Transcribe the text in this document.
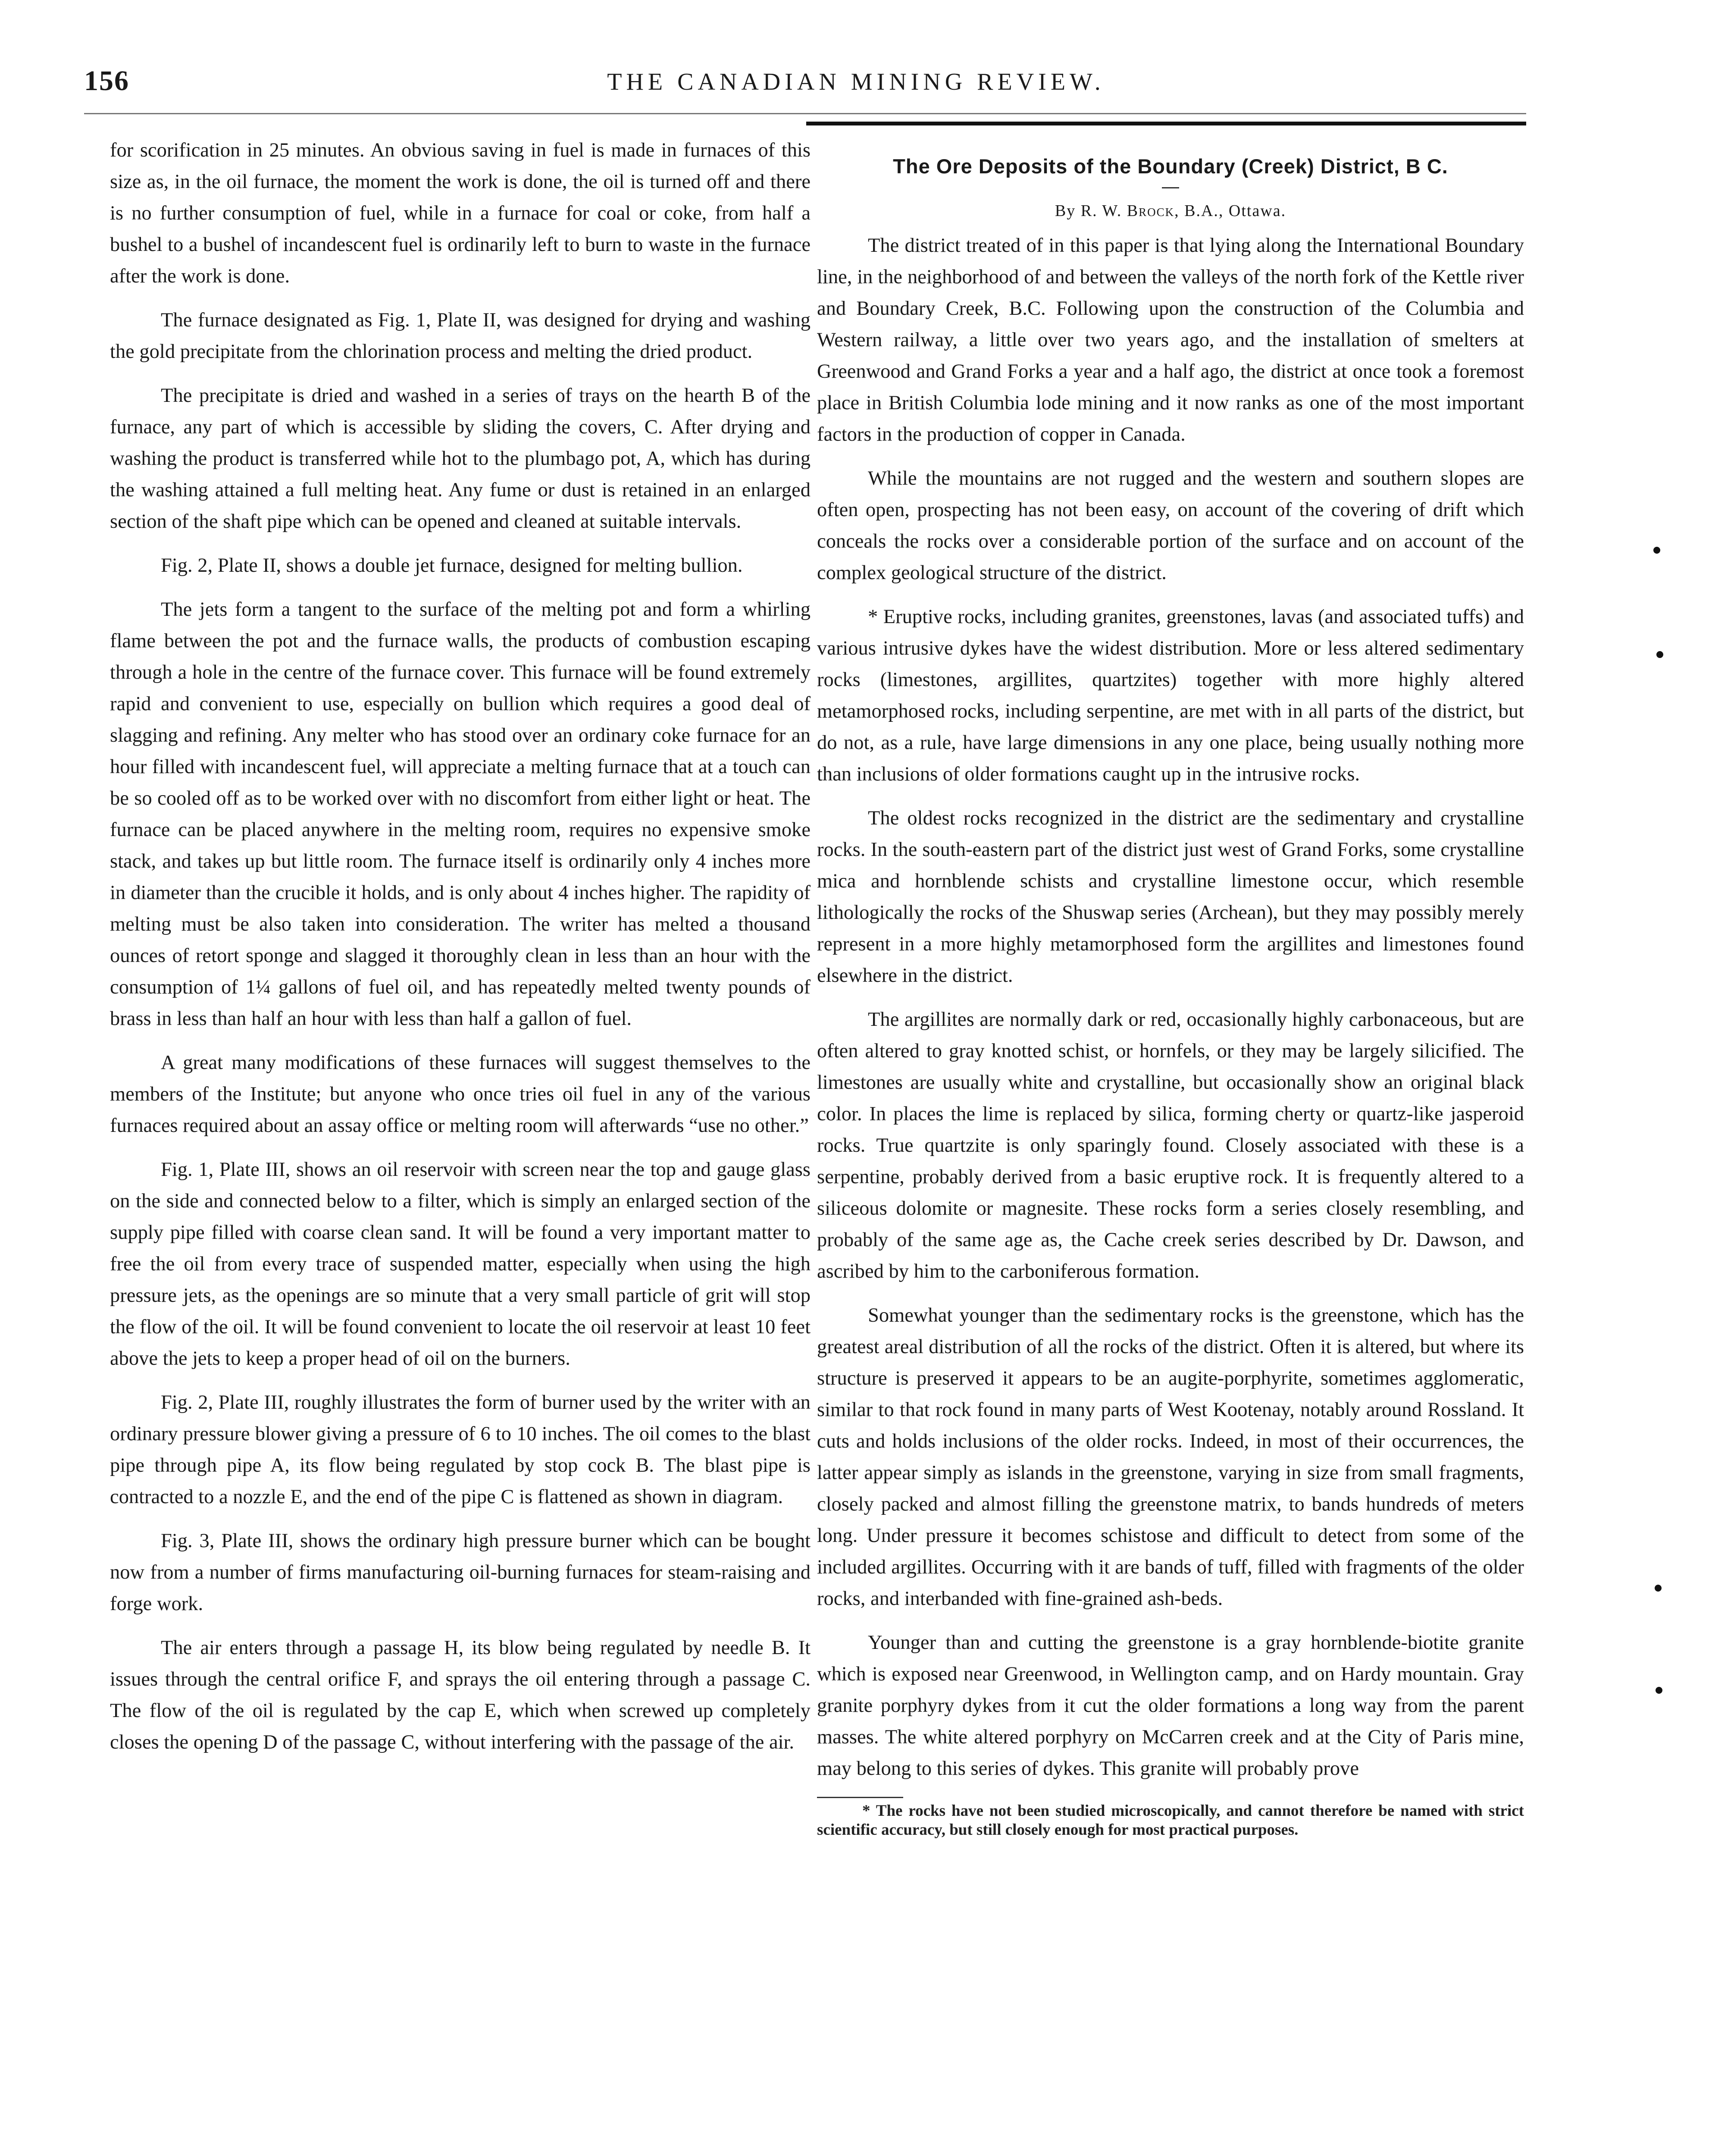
156	THE CANADIAN MINING REVIEW.

for scorification in 25 minutes. An obvious saving in fuel is made in furnaces of this size as, in the oil furnace, the moment the work is done, the oil is turned off and there is no further consumption of fuel, while in a furnace for coal or coke, from half a bushel to a bushel of incandescent fuel is ordinarily left to burn to waste in the furnace after the work is done.

The furnace designated as Fig. 1, Plate II, was designed for drying and washing the gold precipitate from the chlorination process and melting the dried product.

The precipitate is dried and washed in a series of trays on the hearth B of the furnace, any part of which is accessible by sliding the covers, C. After drying and washing the product is transferred while hot to the plumbago pot, A, which has during the washing attained a full melting heat. Any fume or dust is retained in an enlarged section of the shaft pipe which can be opened and cleaned at suitable intervals.

Fig. 2, Plate II, shows a double jet furnace, designed for melting bullion.

The jets form a tangent to the surface of the melting pot and form a whirling flame between the pot and the furnace walls, the products of combustion escaping through a hole in the centre of the furnace cover. This furnace will be found extremely rapid and convenient to use, especially on bullion which requires a good deal of slagging and refining. Any melter who has stood over an ordinary coke furnace for an hour filled with incandescent fuel, will appreciate a melting furnace that at a touch can be so cooled off as to be worked over with no discomfort from either light or heat. The furnace can be placed anywhere in the melting room, requires no expensive smoke stack, and takes up but little room. The furnace itself is ordinarily only 4 inches more in diameter than the crucible it holds, and is only about 4 inches higher. The rapidity of melting must be also taken into consideration. The writer has melted a thousand ounces of retort sponge and slagged it thoroughly clean in less than an hour with the consumption of 1¼ gallons of fuel oil, and has repeatedly melted twenty pounds of brass in less than half an hour with less than half a gallon of fuel.

A great many modifications of these furnaces will suggest themselves to the members of the Institute; but anyone who once tries oil fuel in any of the various furnaces required about an assay office or melting room will afterwards “use no other.”

Fig. 1, Plate III, shows an oil reservoir with screen near the top and gauge glass on the side and connected below to a filter, which is simply an enlarged section of the supply pipe filled with coarse clean sand. It will be found a very important matter to free the oil from every trace of suspended matter, especially when using the high pressure jets, as the openings are so minute that a very small particle of grit will stop the flow of the oil. It will be found convenient to locate the oil reservoir at least 10 feet above the jets to keep a proper head of oil on the burners.

Fig. 2, Plate III, roughly illustrates the form of burner used by the writer with an ordinary pressure blower giving a pressure of 6 to 10 inches. The oil comes to the blast pipe through pipe A, its flow being regulated by stop cock B. The blast pipe is contracted to a nozzle E, and the end of the pipe C is flattened as shown in diagram.

Fig. 3, Plate III, shows the ordinary high pressure burner which can be bought now from a number of firms manufacturing oil-burning furnaces for steam-raising and forge work.

The air enters through a passage H, its blow being regulated by needle B. It issues through the central orifice F, and sprays the oil entering through a passage C. The flow of the oil is regulated by the cap E, which when screwed up completely closes the opening D of the passage C, without interfering with the passage of the air.

The Ore Deposits of the Boundary (Creek) District, B C.
By R. W. Brock, B.A., Ottawa.

The district treated of in this paper is that lying along the International Boundary line, in the neighborhood of and between the valleys of the north fork of the Kettle river and Boundary Creek, B.C. Following upon the construction of the Columbia and Western railway, a little over two years ago, and the installation of smelters at Greenwood and Grand Forks a year and a half ago, the district at once took a foremost place in British Columbia lode mining and it now ranks as one of the most important factors in the production of copper in Canada.

While the mountains are not rugged and the western and southern slopes are often open, prospecting has not been easy, on account of the covering of drift which conceals the rocks over a considerable portion of the surface and on account of the complex geological structure of the district.

* Eruptive rocks, including granites, greenstones, lavas (and associated tuffs) and various intrusive dykes have the widest distribution. More or less altered sedimentary rocks (limestones, argillites, quartzites) together with more highly altered metamorphosed rocks, including serpentine, are met with in all parts of the district, but do not, as a rule, have large dimensions in any one place, being usually nothing more than inclusions of older formations caught up in the intrusive rocks.

The oldest rocks recognized in the district are the sedimentary and crystalline rocks. In the south-eastern part of the district just west of Grand Forks, some crystalline mica and hornblende schists and crystalline limestone occur, which resemble lithologically the rocks of the Shuswap series (Archean), but they may possibly merely represent in a more highly metamorphosed form the argillites and limestones found elsewhere in the district.

The argillites are normally dark or red, occasionally highly carbonaceous, but are often altered to gray knotted schist, or hornfels, or they may be largely silicified. The limestones are usually white and crystalline, but occasionally show an original black color. In places the lime is replaced by silica, forming cherty or quartz-like jasperoid rocks. True quartzite is only sparingly found. Closely associated with these is a serpentine, probably derived from a basic eruptive rock. It is frequently altered to a siliceous dolomite or magnesite. These rocks form a series closely resembling, and probably of the same age as, the Cache creek series described by Dr. Dawson, and ascribed by him to the carboniferous formation.

Somewhat younger than the sedimentary rocks is the greenstone, which has the greatest areal distribution of all the rocks of the district. Often it is altered, but where its structure is preserved it appears to be an augite-porphyrite, sometimes agglomeratic, similar to that rock found in many parts of West Kootenay, notably around Rossland. It cuts and holds inclusions of the older rocks. Indeed, in most of their occurrences, the latter appear simply as islands in the greenstone, varying in size from small fragments, closely packed and almost filling the greenstone matrix, to bands hundreds of meters long. Under pressure it becomes schistose and difficult to detect from some of the included argillites. Occurring with it are bands of tuff, filled with fragments of the older rocks, and interbanded with fine-grained ash-beds.

Younger than and cutting the greenstone is a gray hornblende-biotite granite which is exposed near Greenwood, in Wellington camp, and on Hardy mountain. Gray granite porphyry dykes from it cut the older formations a long way from the parent masses. The white altered porphyry on McCarren creek and at the City of Paris mine, may belong to this series of dykes. This granite will probably prove

* The rocks have not been studied microscopically, and cannot therefore be named with strict scientific accuracy, but still closely enough for most practical purposes.
